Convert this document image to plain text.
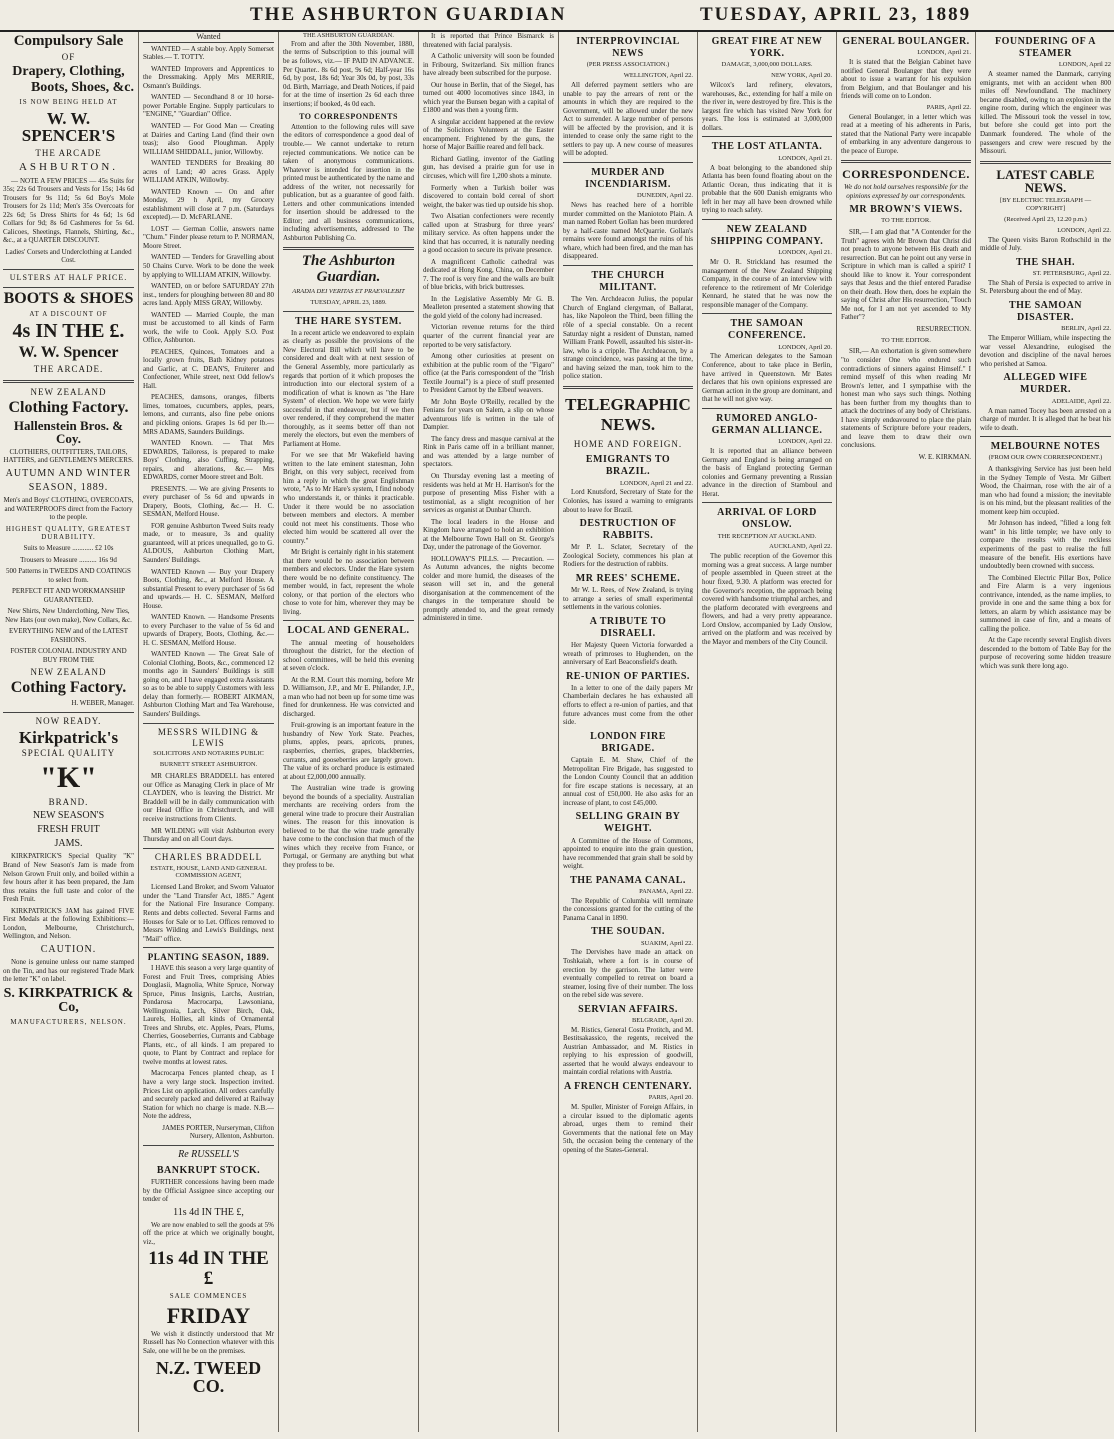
THE ASHBURTON GUARDIAN	TUESDAY, APRIL 23, 1889
Compulsory Sale
OF
Drapery, Clothing,
Boots, Shoes, &c.
IS NOW BEING HELD AT
W. W. SPENCER'S
THE ARCADE
ASHBURTON.

— NOTE A FEW PRICES — 45s Suits for 35s; 22s 6d Trousers and Vests for 15s; 14s 6d Trousers for 9s 11d; 5s 6d Boy's Mole Trousers for 2s 11d; Men's 35s Overcoats for 22s 6d; 5s Dress Shirts for 4s 6d; 1s 6d Collars for 9d; 8s 6d Cashmeres for 5s 6d. Calicoes, Sheetings, Flannels, Shirting, &c., &c., at a QUARTER DISCOUNT.

Ladies' Corsets and Underclothing at Landed Cost.

ULSTERS AT HALF PRICE.
BOOTS & SHOES
AT A DISCOUNT OF
4s IN THE £.
W. W. Spencer
THE ARCADE.
NEW ZEALAND
Clothing Factory.
Hallenstein Bros. & Coy.

CLOTHIERS, OUTFITTERS, TAILORS, HATTERS, and GENTLEMEN'S MERCERS.

AUTUMN AND WINTER
SEASON, 1889.

Men's and Boys' CLOTHING, OVERCOATS, and WATERPROOFS direct from the Factory to the people.

HIGHEST QUALITY, GREATEST DURABILITY.

Suits to Measure ............ £2 10s

Trousers to Measure .......... 16s 9d

500 Patterns in TWEEDS AND COATINGS to select from.

PERFECT FIT AND WORKMANSHIP GUARANTEED.

New Shirts, New Underclothing, New Ties, New Hats (our own make), New Collars, &c.

EVERYTHING NEW and of the LATEST FASHIONS.

FOSTER COLONIAL INDUSTRY AND BUY FROM THE

NEW ZEALAND
Cothing Factory.

H. WEBER, Manager.

NOW READY.
Kirkpatrick's
SPECIAL QUALITY
"K"
BRAND.
NEW SEASON'S
FRESH FRUIT
JAMS.

KIRKPATRICK'S Special Quality "K" Brand of New Season's Jam is made from Nelson Grown Fruit only, and boiled within a few hours after it has been prepared, the Jam thus retains the full taste and color of the Fresh Fruit.

KIRKPATRICK'S JAM has gained FIVE First Medals at the following Exhibitions:— London, Melbourne, Christchurch, Wellington, and Nelson.

CAUTION.

None is genuine unless our name stamped on the Tin, and has our registered Trade Mark the letter "K" on label.

S. KIRKPATRICK & Co,
MANUFACTURERS, NELSON.
Wanted

WANTED — A stable boy. Apply Somerset Stables.— T. TOTTY.

WANTED Improvers and Apprentices to the Dressmaking. Apply Mrs MERRIE, Osmann's Buildings.

WANTED — Secondhand 8 or 10 horse-power Portable Engine. Supply particulars to "ENGINE," "Guardian" Office.

WANTED — For Good Man — Creating at Dairies and Carting Land (find their own teas); also Good Ploughman. Apply WILLIAM SHIDDALL, junior, Willowby.

WANTED TENDERS for Breaking 80 acres of Land; 40 acres Grass. Apply WILLIAM ATKIN, Willowby.

WANTED Known — On and after Monday, 29 h April, my Grocery establishment will close at 7 p.m. (Saturdays excepted).— D. McFARLANE.

LOST — German Collie, answers name "Chum." Finder please return to P. NORMAN, Moore Street.

WANTED — Tenders for Gravelling about 50 Chains Curve. Work to be done the week by applying to WILLIAM ATKIN, Willowby.

WANTED, on or before SATURDAY 27th inst., tenders for ploughing between 80 and 80 acres land. Apply MISS GRAY, Willowby.

WANTED — Married Couple, the man must be accustomed to all kinds of Farm work, the wife to Cook. Apply S.O. Post Office, Ashburton.

PEACHES, Quinces, Tomatoes and a locally grown fruits, Bath Kidney potatoes and Garlic, at C. DEAN'S, Fruiterer and Confectioner, While street, next Odd fellow's Hall.

PEACHES, damsons, oranges, filberts limes, tomatoes, cucumbers, apples, pears, lemons, and currants, also fine pebe onions and pickling onions. Grapes 1s 6d per lb.— MRS ADAMS, Saunders Buildings.

WANTED Known. — That Mrs EDWARDS, Tailoress, is prepared to make Boys' Clothing, also Cuffing, Strapping, repairs, and alterations, &c.— Mrs EDWARDS, corner Moore street and Bolt.

PRESENTS. — We are giving Presents to every purchaser of 5s 6d and upwards in Drapery, Boots, Clothing, &c.— H. C. SESMAN, Melford House.

FOR genuine Ashburton Tweed Suits ready made, or to measure, 3s and quality guaranteed, will at prices unequalled, go to G. ALDOUS, Ashburton Clothing Mart, Saunders' Buildings.

WANTED Known — Buy your Drapery Boots, Clothing, &c., at Melford House. A substantial Present to every purchaser of 5s 6d and upwards.— H. C. SESMAN, Melford House.

WANTED Known. — Handsome Presents to every Purchaser to the value of 5s 6d and upwards of Drapery, Boots, Clothing, &c.— H. C. SESMAN, Melford House.

WANTED Known — The Great Sale of Colonial Clothing, Boots, &c., commenced 12 months ago in Saunders' Buildings is still going on, and I have engaged extra Assistants so as to be able to supply Customers with less delay than formerly.— ROBERT AIKMAN, Ashburton Clothing Mart and Tea Warehouse, Saunders' Buildings.

MESSRS WILDING & LEWIS
SOLICITORS AND NOTARIES PUBLIC
BURNETT STREET ASHBURTON.

MR CHARLES BRADDELL has entered our Office as Managing Clerk in place of Mr CLAYDEN, who is leaving the District. Mr Braddell will be in daily communication with our Head Office in Christchurch, and will receive instructions from Clients.

MR WILDING will visit Ashburton every Thursday and on all Court days.

CHARLES BRADDELL
ESTATE, HOUSE, LAND AND GENERAL COMMISSION AGENT,

Licensed Land Broker, and Sworn Valuator under the "Land Transfer Act, 1885." Agent for the National Fire Insurance Company. Rents and debts collected. Several Farms and Houses for Sale or to Let. Offices removed to Messrs Wilding and Lewis's Buildings, next "Mail" office.

PLANTING SEASON, 1889.

I HAVE this season a very large quantity of Forest and Fruit Trees, comprising Abies Douglasii, Magnolia, White Spruce, Norway Spruce, Pinus Insignis, Larchs, Austrian, Pondarosa Macrocarpa, Lawsoniana, Wellingtonia, Larch, Silver Birch, Oak, Laurels, Hollies, all kinds of Ornamental Trees and Shrubs, etc. Apples, Pears, Plums, Cherries, Gooseberries, Currants and Cabbage Plants, etc., of all kinds. I am prepared to quote, to Plant by Contract and replace for twelve months at lowest rates.

Macrocarpa Fences planted cheap, as I have a very large stock. Inspection invited. Prices List on application. All orders carefully and securely packed and delivered at Railway Station for which no charge is made. N.B.— Note the address,

JAMES PORTER, Nurseryman, Clifton Nursery, Allenton, Ashburton.

Re RUSSELL'S
BANKRUPT STOCK.

FURTHER concessions having been made by the Official Assignee since accepting our tender of

11s 4d IN THE £,

We are now enabled to sell the goods at 5% off the price at which we originally bought, viz.,

11s 4d IN THE £
SALE COMMENCES
FRIDAY

We wish it distinctly understood that Mr Russell has No Connection whatever with this Sale, one will he be on the premises.

N.Z. TWEED CO.
THE ASHBURTON GUARDIAN.

From and after the 30th November, 1880, the terms of Subscription to this journal will be as follows, viz.— IF PAID IN ADVANCE. Per Quarter.. 8s 6d post, 9s 6d; Half-year 16s 6d, by post, 18s 6d; Year 30s 0d, by post, 33s 0d. Birth, Marriage, and Death Notices, if paid for at the time of insertion 2s 6d each three insertions; if booked, 4s 0d each.

TO CORRESPONDENTS

Attention to the following rules will save the editors of correspondence a good deal of trouble.— We cannot undertake to return rejected communications. We notice can be taken of anonymous communications. Whatever is intended for insertion in the printed must be authenticated by the name and address of the writer, not necessarily for publication, but as a guarantee of good faith. Letters and other communications intended for insertion should be addressed to the Editor; and all business communications, including advertisements, addressed to The Ashburton Publishing Co.

The Ashburton Guardian.
ARADIA DEI VERITAS ET PRAEVALEBIT
TUESDAY, APRIL 23, 1889.
THE HARE SYSTEM.

In a recent article we endeavored to explain as clearly as possible the provisions of the New Electoral Bill which will have to be considered and dealt with at next session of the General Assembly, more particularly as regards that portion of it which proposes the introduction into our electoral system of a modification of what is known as "the Hare System" of election. We hope we were fairly successful in that endeavour, but if we then over rendered, if they comprehend the matter thoroughly, as it seems better off than not merely the electors, but even the members of Parliament at Home.

For we see that Mr Wakefield having written to the late eminent statesman, John Bright, on this very subject, received from him a reply in which the great Englishman wrote, "As to Mr Hare's system, I find nobody who understands it, or thinks it practicable. Under it there would be no association between members and electors. A member could not meet his constituents. Those who elected him would be scattered all over the country."

Mr Bright is certainly right in his statement that there would be no association between members and electors. Under the Hare system there would be no definite constituency. The member would, in fact, represent the whole colony, or that portion of the electors who chose to vote for him, wherever they may be living.

LOCAL AND GENERAL.

The annual meeting of householders throughout the district, for the election of school committees, will be held this evening at seven o'clock.

At the R.M. Court this morning, before Mr D. Williamson, J.P., and Mr E. Philander, J.P., a man who had not been up for some time was fined for drunkenness. He was convicted and discharged.

Fruit-growing is an important feature in the husbandry of New York State. Peaches, plums, apples, pears, apricots, prunes, raspberries, cherries, grapes, blackberries, currants, and gooseberries are largely grown. The value of its orchard produce is estimated at about £2,000,000 annually.

The Australian wine trade is growing beyond the bounds of a speciality. Australian merchants are receiving orders from the general wine trade to procure their Australian wines. The reason for this innovation is believed to be that the wine trade generally have come to the conclusion that much of the wines which they receive from France, or Portugal, or Germany are anything but what they profess to be.

It is reported that Prince Bismarck is threatened with facial paralysis.

A Catholic university will soon be founded in Fribourg, Switzerland. Six million francs have already been subscribed for the purpose.

Our house in Berlin, that of the Siegel, has turned out 4000 locomotives since 1843, in which year the Bunsen began with a capital of £1800 and was then a young firm.

A singular accident happened at the review of the Solicitors Volunteers at the Easter encampment. Frightened by the guns, the horse of Major Baillie reared and fell back.

Richard Gatling, inventor of the Gatling gun, has devised a prairie gun for use in circuses, which will fire 1,200 shots a minute.

Formerly when a Turkish boiler was discovered to contain bold cereal of short weight, the baker was tied up outside his shop.

Two Alsatian confectioners were recently called upon at Strasburg for three years' military service. As often happens under the kind that has occurred, it is naturally needing a good occasion to secure its private presence.

A magnificent Catholic cathedral was dedicated at Hong Kong, China, on December 7. The roof is very fine and the walls are built of blue bricks, with brick buttresses.

In the Legislative Assembly Mr G. B. Mealleton presented a statement showing that the gold yield of the colony had increased.

Victorian revenue returns for the third quarter of the current financial year are reported to be very satisfactory.

Among other curiosities at present on exhibition at the public room of the "Figaro" office (at the Paris correspondent of the "Irish Textile Journal") is a piece of stuff presented to President Carnot by the Elbeuf weavers.

Mr John Boyle O'Reilly, recalled by the Fenians for years on Salem, a slip on whose adventurous life is written in the tale of Dampier.

The fancy dress and masque carnival at the Rink in Paris came off in a brilliant manner, and was attended by a large number of spectators.

On Thursday evening last a meeting of residents was held at Mr H. Harrison's for the purpose of presenting Miss Fisher with a testimonial, as a slight recognition of her services as organist at Dunbar Church.

The local leaders in the House and Kingdom have arranged to hold an exhibition at the Melbourne Town Hall on St. George's Day, under the patronage of the Governor.

HOLLOWAY'S PILLS. — Precaution. — As Autumn advances, the nights become colder and more humid, the diseases of the season will set in, and the general disorganisation at the commencement of the changes in the temperature should be promptly attended to, and the great remedy administered in time.

INTERPROVINCIAL NEWS
(PER PRESS ASSOCIATION.)
WELLINGTON, April 22.

All deferred payment settlers who are unable to pay the arrears of rent or the amounts in which they are required to the Government, will be allowed under the new Act to surrender. A large number of persons will be affected by the provision, and it is intended to cease only the same right to the settlers to pay up. A new course of measures will be adopted.

MURDER AND INCENDIARISM.
DUNEDIN, April 22.

News has reached here of a horrible murder committed on the Maniototo Plain. A man named Robert Gollan has been murdered by a half-caste named McQuarrie. Gollan's remains were found amongst the ruins of his whare, which had been fired, and the man has disappeared.

THE CHURCH MILITANT.

The Ven. Archdeacon Julius, the popular Church of England clergyman, of Ballarat, has, like Napoleon the Third, been filling the rôle of a special constable. On a recent Saturday night a resident of Dunstan, named William Frank Powell, assaulted his sister-in-law, who is a cripple. The Archdeacon, by a strange coincidence, was passing at the time, and having seized the man, took him to the police station.

TELEGRAPHIC NEWS.
HOME AND FOREIGN.
EMIGRANTS TO BRAZIL.
LONDON, April 21 and 22.

Lord Knutsford, Secretary of State for the Colonies, has issued a warning to emigrants about to leave for Brazil.

DESTRUCTION OF RABBITS.

Mr P. L. Sclater, Secretary of the Zoological Society, commences his plan at Rodiers for the destruction of rabbits.

MR REES' SCHEME.

Mr W. L. Rees, of New Zealand, is trying to arrange a series of small experimental settlements in the various colonies.

A TRIBUTE TO DISRAELI.

Her Majesty Queen Victoria forwarded a wreath of primroses to Hughenden, on the anniversary of Earl Beaconsfield's death.

RE-UNION OF PARTIES.

In a letter to one of the daily papers Mr Chamberlain declares he has exhausted all efforts to effect a re-union of parties, and that future advances must come from the other side.

LONDON FIRE BRIGADE.

Captain E. M. Shaw, Chief of the Metropolitan Fire Brigade, has suggested to the London County Council that an addition for fire escape stations is necessary, at an annual cost of £50,000. He also asks for an increase of plant, to cost £45,000.

SELLING GRAIN BY WEIGHT.

A Committee of the House of Commons, appointed to enquire into the grain question, have recommended that grain shall be sold by weight.

THE PANAMA CANAL.
PANAMA, April 22.

The Republic of Columbia will terminate the concessions granted for the cutting of the Panama Canal in 1890.

THE SOUDAN.
SUAKIM, April 22.

The Dervishes have made an attack on Toshkaiah, where a fort is in course of erection by the garrison. The latter were eventually compelled to retreat on board a steamer, losing five of their number. The loss on the rebel side was severe.

SERVIAN AFFAIRS.
BELGRADE, April 20.

M. Ristics, General Costa Protitch, and M. Bestitsakassico, the regents, received the Austrian Ambassador, and M. Ristics in replying to his expression of goodwill, asserted that he would always endeavour to maintain cordial relations with Austria.

A FRENCH CENTENARY.
PARIS, April 20.

M. Spuller, Minister of Foreign Affairs, in a circular issued to the diplomatic agents abroad, urges them to remind their Governments that the national fete on May 5th, the occasion being the centenary of the opening of the States-General.

GREAT FIRE AT NEW YORK.
DAMAGE, 3,000,000 DOLLARS.
NEW YORK, April 20.

Wilcox's lard refinery, elevators, warehouses, &c., extending for half a mile on the river in, were destroyed by fire. This is the largest fire which has visited New York for years. The loss is estimated at 3,000,000 dollars.

THE LOST ATLANTA.
LONDON, April 21.

A boat belonging to the abandoned ship Atlanta has been found floating about on the Atlantic Ocean, thus indicating that it is probable that the 600 Danish emigrants who left in her may all have been drowned while trying to reach safety.

NEW ZEALAND SHIPPING COMPANY.
LONDON, April 21.

Mr O. R. Strickland has resumed the management of the New Zealand Shipping Company, in the course of an interview with reference to the retirement of Mr Coleridge Kennard, he stated that he was now the responsible manager of the Company.

THE SAMOAN CONFERENCE.
LONDON, April 20.

The American delegates to the Samoan Conference, about to take place in Berlin, have arrived in Queenstown. Mr Bates declares that his own opinions expressed are German action in the group are dominant, and that he will not give way.

RUMORED ANGLO-GERMAN ALLIANCE.
LONDON, April 22.

It is reported that an alliance between Germany and England is being arranged on the basis of England protecting German colonies and Germany preventing a Russian advance in the direction of Stamboul and Herat.

ARRIVAL OF LORD ONSLOW.
THE RECEPTION AT AUCKLAND.
AUCKLAND, April 22.

The public reception of the Governor this morning was a great success. A large number of people assembled in Queen street at the hour fixed, 9.30. A platform was erected for the Governor's reception, the approach being covered with handsome triumphal arches, and the platform decorated with evergreens and flowers, and had a very pretty appearance. Lord Onslow, accompanied by Lady Onslow, arrived on the platform and was received by the Mayor and members of the City Council.

GENERAL BOULANGER.
LONDON, April 21.

It is stated that the Belgian Cabinet have notified General Boulanger that they were about to issue a warrant for his expulsion from Belgium, and that Boulanger and his friends will come on to London.

PARIS, April 22.

General Boulanger, in a letter which was read at a meeting of his adherents in Paris, stated that the National Party were incapable of embarking in any adventure dangerous to the peace of Europe.

CORRESPONDENCE.

We do not hold ourselves responsible for the opinions expressed by our correspondents.

MR BROWN'S VIEWS.
TO THE EDITOR.

SIR,— I am glad that "A Contender for the Truth" agrees with Mr Brown that Christ did not preach to anyone between His death and resurrection. But can he point out any verse in Scripture in which man is called a spirit? I should like to know it. Your correspondent says that Jesus and the thief entered Paradise on their death. How then, does he explain the saying of Christ after His resurrection, "Touch Me not, for I am not yet ascended to My Father"?

RESURRECTION.

TO THE EDITOR.

SIR,— An exhortation is given somewhere "to consider One who endured such contradictions of sinners against Himself." I remind myself of this when reading Mr Brown's letter, and I sympathise with the honest man who says such things. Nothing has been further from my thoughts than to attack the doctrines of any body of Christians. I have simply endeavoured to place the plain statements of Scripture before your readers, and leave them to draw their own conclusions.

W. E. KIRKMAN.

FOUNDERING OF A STEAMER
LONDON, April 22

A steamer named the Danmark, carrying emigrants, met with an accident when 800 miles off Newfoundland. The machinery became disabled, owing to an explosion in the engine room, during which the engineer was killed. The Missouri took the vessel in tow, but before she could get into port the Danmark foundered. The whole of the passengers and crew were rescued by the Missouri.

LATEST CABLE NEWS.
[BY ELECTRIC TELEGRAPH — COPYRIGHT]
(Received April 23, 12.20 p.m.)
LONDON, April 22.

The Queen visits Baron Rothschild in the middle of July.

THE SHAH.
ST. PETERSBURG, April 22.

The Shah of Persia is expected to arrive in St. Petersburg about the end of May.

THE SAMOAN DISASTER.
BERLIN, April 22.

The Emperor William, while inspecting the war vessel Alexandrine, eulogised the devotion and discipline of the naval heroes who perished at Samoa.

ALLEGED WIFE MURDER.
ADELAIDE, April 22.

A man named Tocey has been arrested on a charge of murder. It is alleged that he beat his wife to death.

MELBOURNE NOTES
(FROM OUR OWN CORRESPONDENT.)

A thanksgiving Service has just been held in the Sydney Temple of Vesta. Mr Gilbert Wood, the Chairman, rose with the air of a man who had found a mission; the inevitable is on his mind, but the pleasant realities of the moment keep him occupied.

Mr Johnson has indeed, "filled a long felt want" in his little temple; we have only to compare the results with the reckless experiments of the past to realise the full measure of the benefit. His exertions have undoubtedly been crowned with success.

The Combined Electric Pillar Box, Police and Fire Alarm is a very ingenious contrivance, intended, as the name implies, to provide in one and the same thing a box for letters, an alarm by which assistance may be summoned in case of fire, and a means of calling the police.

At the Cape recently several English divers descended to the bottom of Table Bay for the purpose of recovering some hidden treasure which was sunk there long ago.
